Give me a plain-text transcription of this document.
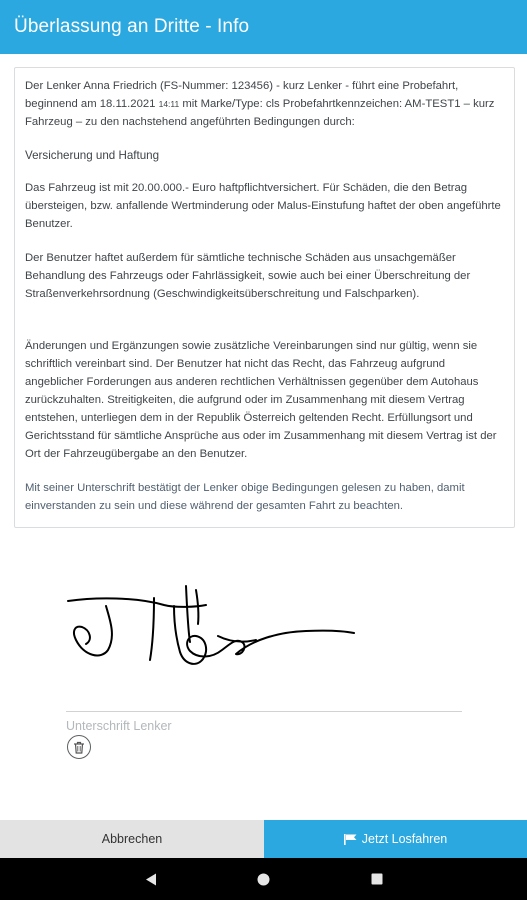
Überlassung an Dritte - Info

Der Lenker Anna Friedrich (FS-Nummer: 123456) - kurz Lenker - führt eine Probefahrt, beginnend am 18.11.2021 14:11 mit Marke/Type: cls Probefahrtkennzeichen: AM-TEST1 – kurz Fahrzeug – zu den nachstehend angeführten Bedingungen durch:

Versicherung und Haftung

Das Fahrzeug ist mit 20.00.000.- Euro haftpflichtversichert. Für Schäden, die den Betrag übersteigen, bzw. anfallende Wertminderung oder Malus-Einstufung haftet der oben angeführte Benutzer.

Der Benutzer haftet außerdem für sämtliche technische Schäden aus unsachgemäßer Behandlung des Fahrzeugs oder Fahrlässigkeit, sowie auch bei einer Überschreitung der Straßenverkehrsordnung (Geschwindigkeitsüberschreitung und Falschparken).

Änderungen und Ergänzungen sowie zusätzliche Vereinbarungen sind nur gültig, wenn sie schriftlich vereinbart sind. Der Benutzer hat nicht das Recht, das Fahrzeug aufgrund angeblicher Forderungen aus anderen rechtlichen Verhältnissen gegenüber dem Autohaus zurückzuhalten. Streitigkeiten, die aufgrund oder im Zusammenhang mit diesem Vertrag entstehen, unterliegen dem in der Republik Österreich geltenden Recht. Erfüllungsort und Gerichtsstand für sämtliche Ansprüche aus oder im Zusammenhang mit diesem Vertrag ist der Ort der Fahrzeugübergabe an den Benutzer.

Mit seiner Unterschrift bestätigt der Lenker obige Bedingungen gelesen zu haben, damit einverstanden zu sein und diese während der gesamten Fahrt zu beachten.

Unterschrift Lenker
Abbrechen	Jetzt Losfahren
